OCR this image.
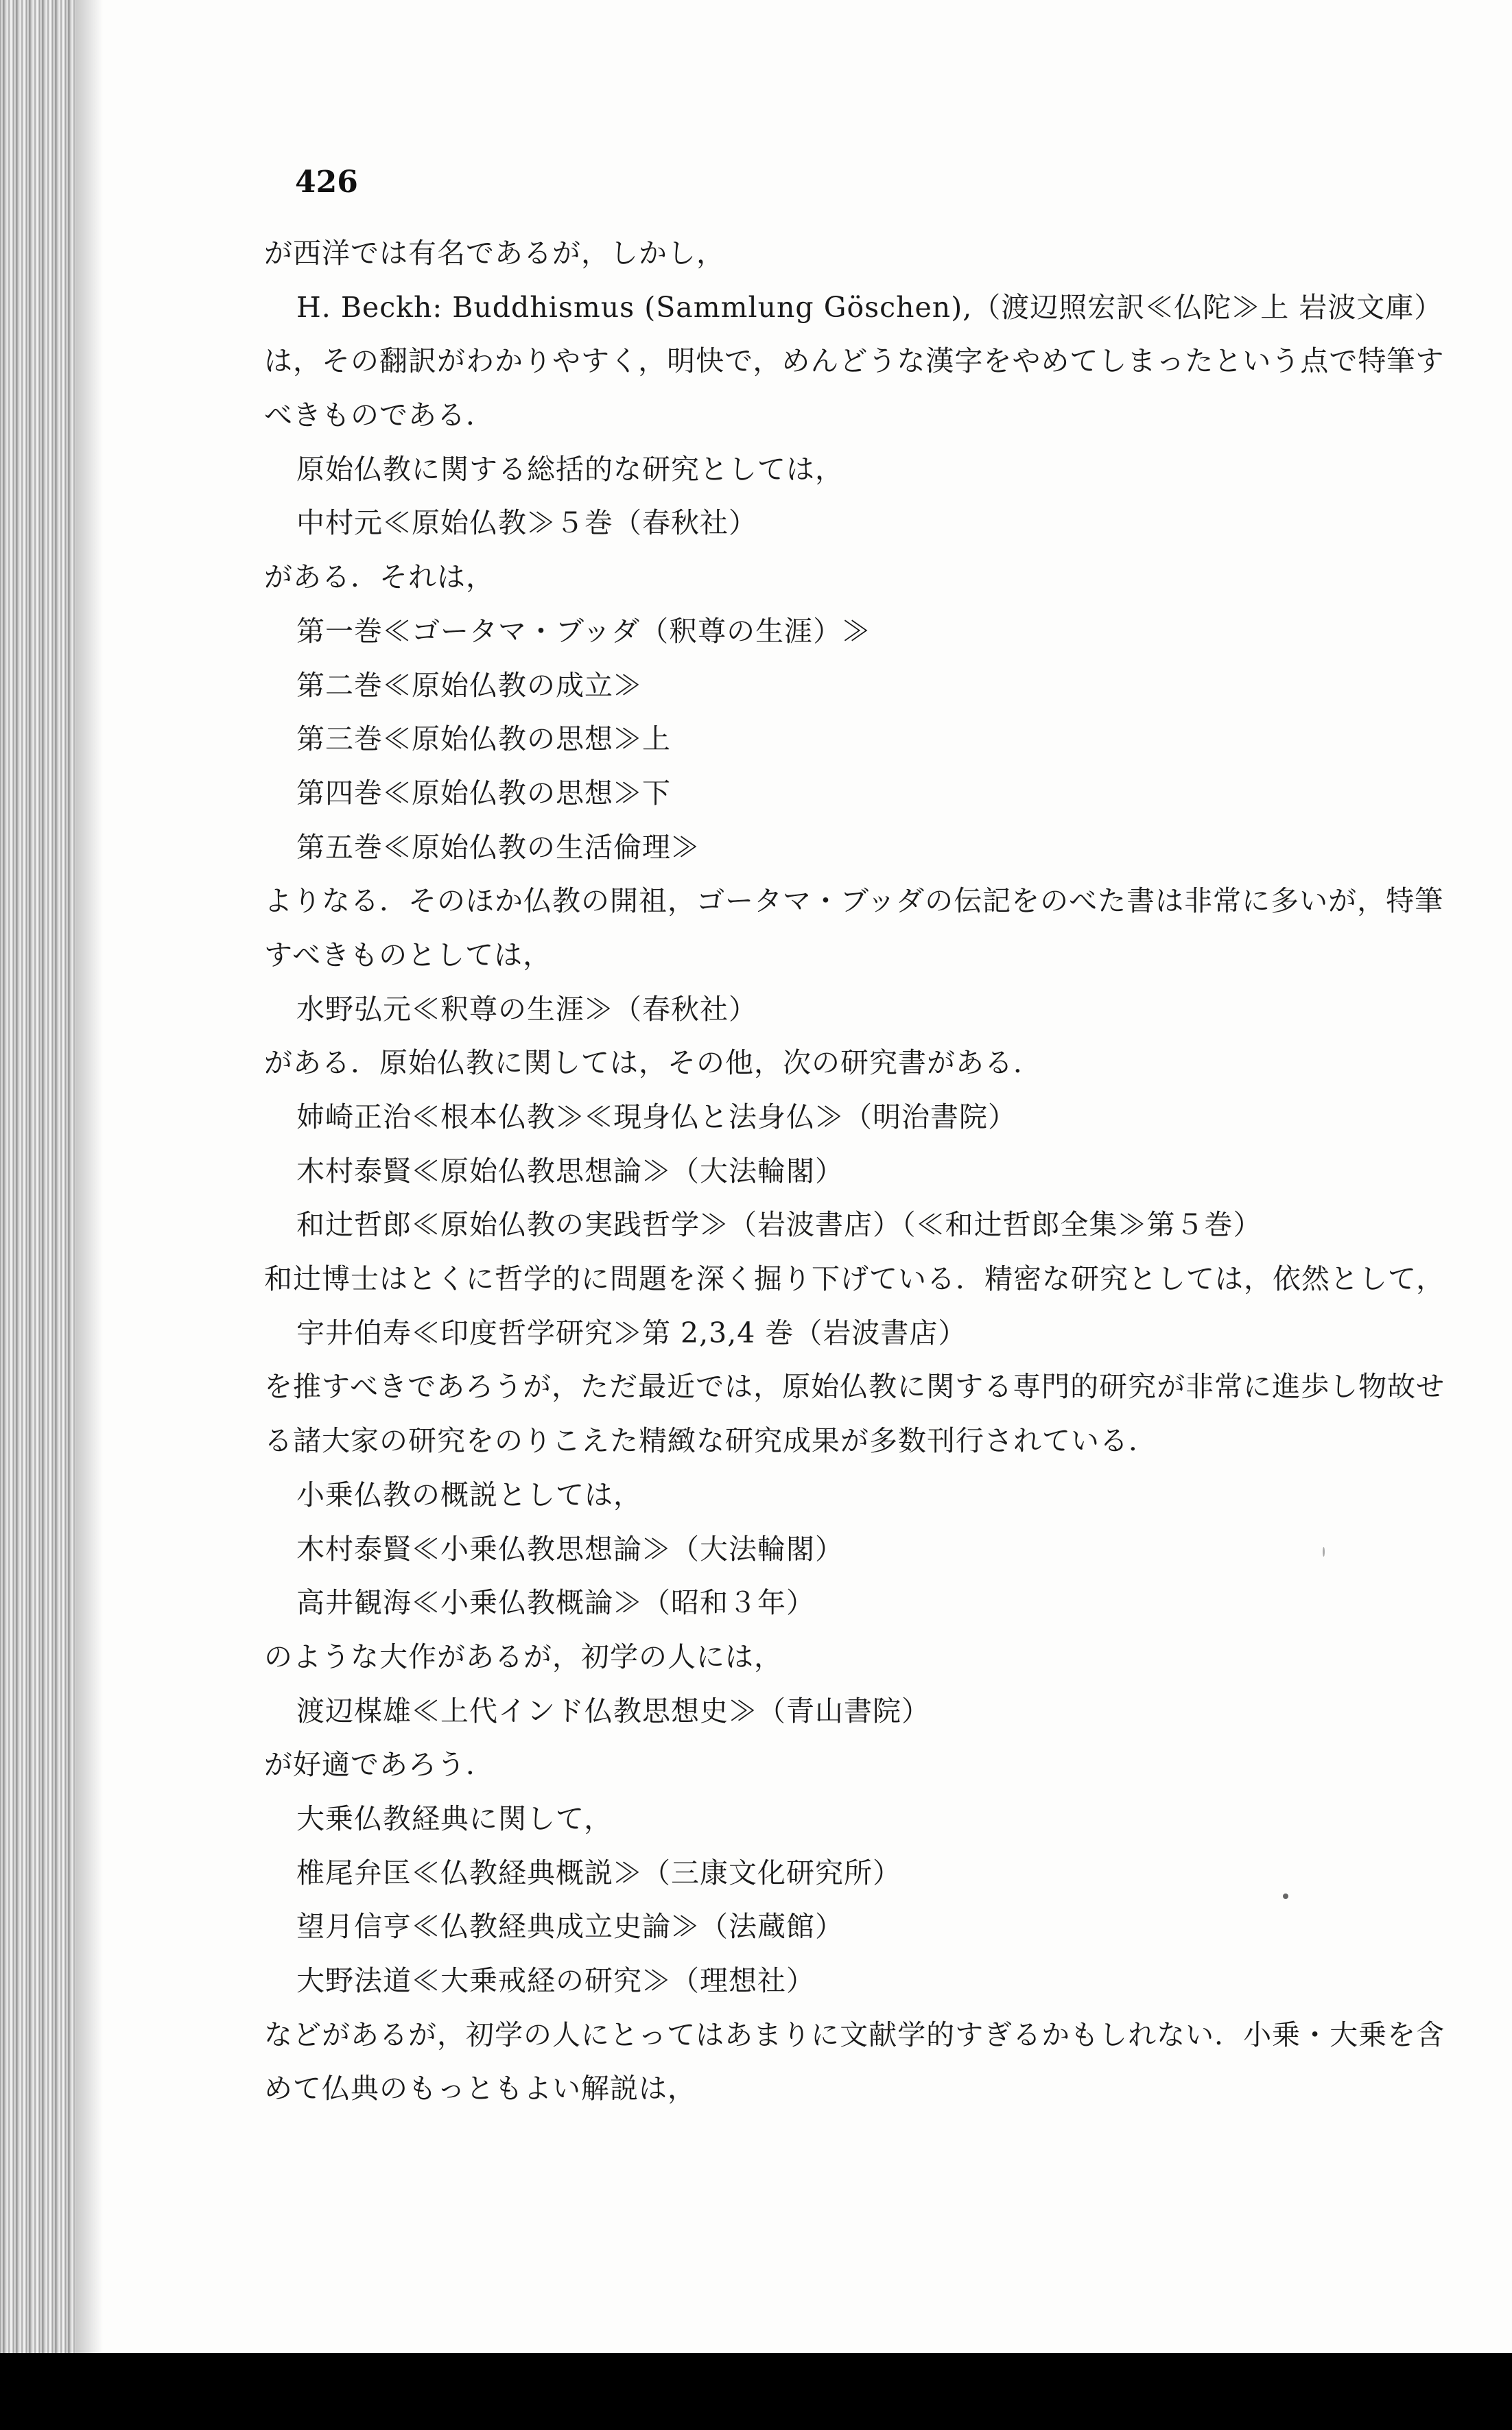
426
が西洋では有名であるが，しかし，
H. Beckh: Buddhismus (Sammlung Göschen),（渡辺照宏訳≪仏陀≫上 岩波文庫）
は，その翻訳がわかりやすく，明快で，めんどうな漢字をやめてしまったという点で特筆す
べきものである．
原始仏教に関する総括的な研究としては，
中村元≪原始仏教≫５巻（春秋社）
がある．それは，
第一巻≪ゴータマ・ブッダ（釈尊の生涯）≫
第二巻≪原始仏教の成立≫
第三巻≪原始仏教の思想≫上
第四巻≪原始仏教の思想≫下
第五巻≪原始仏教の生活倫理≫
よりなる．そのほか仏教の開祖，ゴータマ・ブッダの伝記をのべた書は非常に多いが，特筆
すべきものとしては，
水野弘元≪釈尊の生涯≫（春秋社）
がある．原始仏教に関しては，その他，次の研究書がある．
姉崎正治≪根本仏教≫≪現身仏と法身仏≫（明治書院）
木村泰賢≪原始仏教思想論≫（大法輪閣）
和辻哲郎≪原始仏教の実践哲学≫（岩波書店）（≪和辻哲郎全集≫第５巻）
和辻博士はとくに哲学的に問題を深く掘り下げている．精密な研究としては，依然として，
宇井伯寿≪印度哲学研究≫第 2,3,4 巻（岩波書店）
を推すべきであろうが，ただ最近では，原始仏教に関する専門的研究が非常に進歩し物故せ
る諸大家の研究をのりこえた精緻な研究成果が多数刊行されている．
小乗仏教の概説としては，
木村泰賢≪小乗仏教思想論≫（大法輪閣）
高井観海≪小乗仏教概論≫（昭和３年）
のような大作があるが，初学の人には，
渡辺楳雄≪上代インド仏教思想史≫（青山書院）
が好適であろう．
大乗仏教経典に関して，
椎尾弁匡≪仏教経典概説≫（三康文化研究所）
望月信亨≪仏教経典成立史論≫（法蔵館）
大野法道≪大乗戒経の研究≫（理想社）
などがあるが，初学の人にとってはあまりに文献学的すぎるかもしれない．小乗・大乗を含
めて仏典のもっともよい解説は，
